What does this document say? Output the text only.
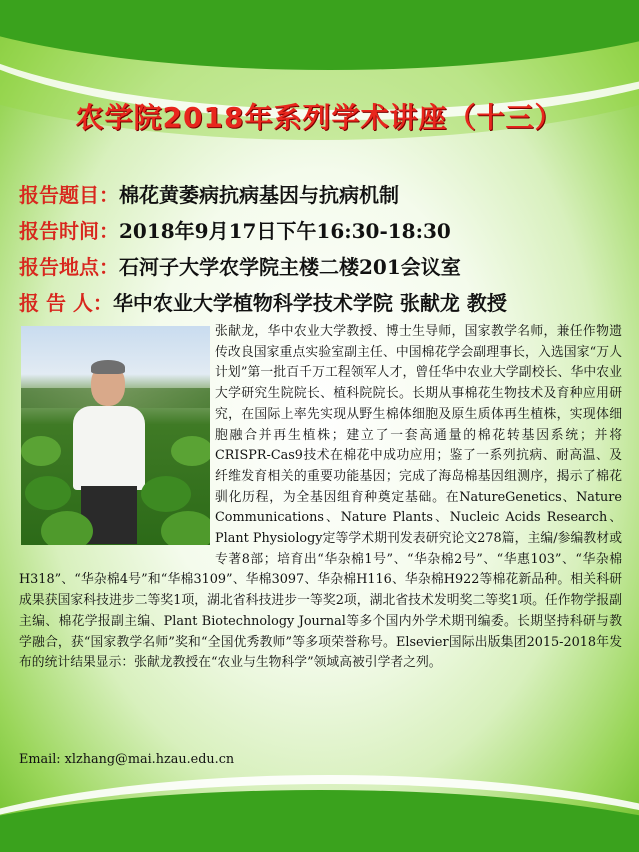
农学院2018年系列学术讲座（十三）
报告题目： 棉花黄萎病抗病基因与抗病机制
报告时间： 2018年9月17日下午16:30-18:30
报告地点： 石河子大学农学院主楼二楼201会议室
报 告 人： 华中农业大学植物科学技术学院 张献龙 教授

张献龙，华中农业大学教授、博士生导师，国家教学名师，兼任作物遗传改良国家重点实验室副主任、中国棉花学会副理事长，入选国家“万人计划”第一批百千万工程领军人才，曾任华中农业大学副校长、华中农业大学研究生院院长、植科院院长。长期从事棉花生物技术及育种应用研究，在国际上率先实现从野生棉体细胞及原生质体再生植株，实现体细胞融合并再生植株；建立了一套高通量的棉花转基因系统；并将CRISPR-Cas9技术在棉花中成功应用；鉴了一系列抗病、耐高温、及纤维发育相关的重要功能基因；完成了海岛棉基因组测序，揭示了棉花驯化历程，为全基因组育种奠定基础。在NatureGenetics、Nature Communications、Nature Plants、Nucleic Acids Research、Plant Physiology定等学术期刊发表研究论文278篇，主编/参编教材或专著8部；培育出“华杂棉1号”、“华杂棉2号”、“华惠103”、“华杂棉H318”、“华杂棉4号”和“华棉3109”、华棉3097、华杂棉H116、华杂棉H922等棉花新品种。相关科研成果获国家科技进步二等奖1项，湖北省科技进步一等奖2项，湖北省技术发明奖二等奖1项。任作物学报副主编、棉花学报副主编、Plant Biotechnology Journal等多个国内外学术期刊编委。长期坚持科研与教学融合，获“国家教学名师”奖和“全国优秀教师”等多项荣誉称号。Elsevier国际出版集团2015-2018年发布的统计结果显示：张献龙教授在“农业与生物科学”领域高被引学者之列。

Email: xlzhang@mai.hzau.edu.cn
